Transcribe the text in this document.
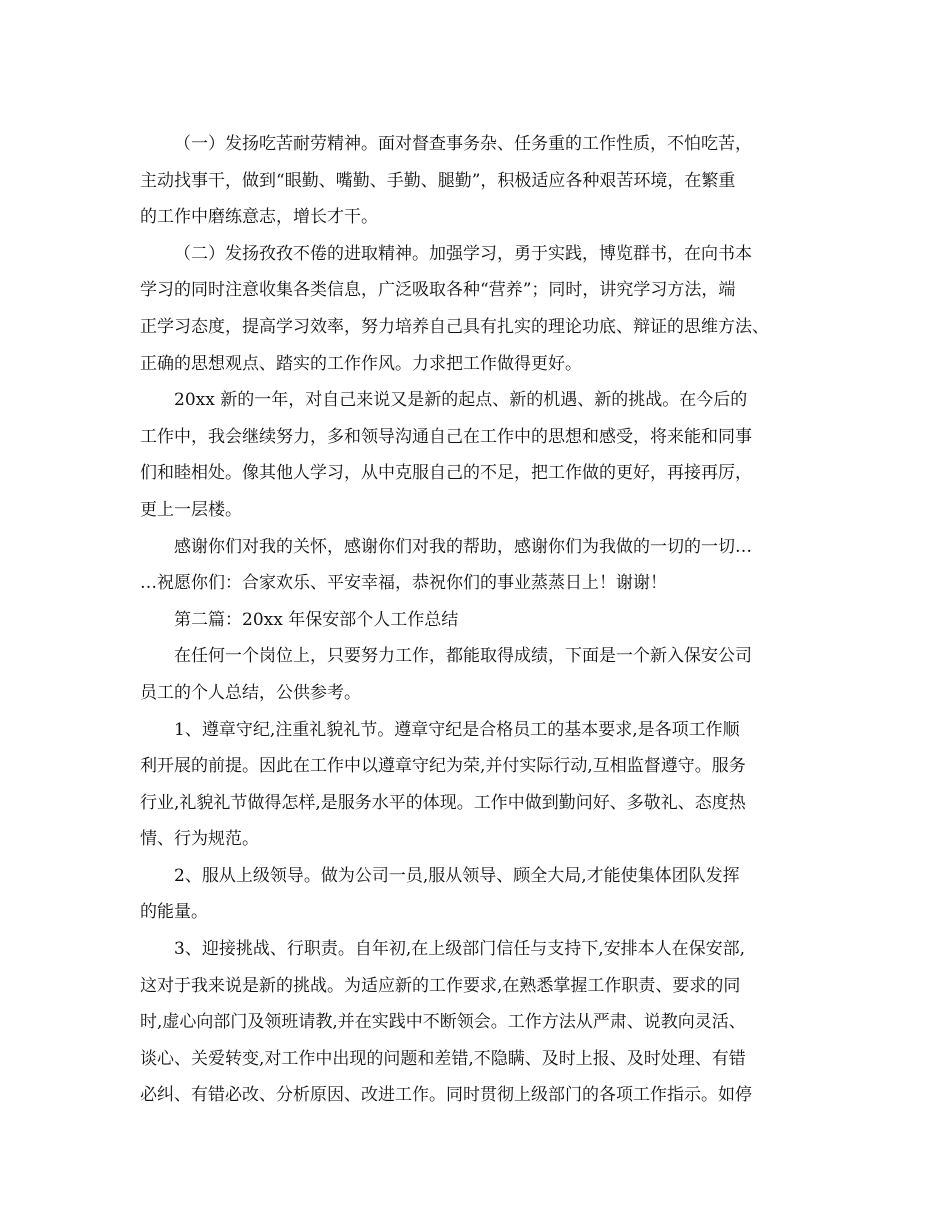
（一）发扬吃苦耐劳精神。面对督查事务杂、任务重的工作性质，不怕吃苦，
主动找事干，做到“眼勤、嘴勤、手勤、腿勤”，积极适应各种艰苦环境，在繁重
的工作中磨练意志，增长才干。
（二）发扬孜孜不倦的进取精神。加强学习，勇于实践，博览群书，在向书本
学习的同时注意收集各类信息，广泛吸取各种“营养”；同时，讲究学习方法，端
正学习态度，提高学习效率，努力培养自己具有扎实的理论功底、辩证的思维方法、
正确的思想观点、踏实的工作作风。力求把工作做得更好。
20xx 新的一年，对自己来说又是新的起点、新的机遇、新的挑战。在今后的
工作中，我会继续努力，多和领导沟通自己在工作中的思想和感受，将来能和同事
们和睦相处。像其他人学习，从中克服自己的不足，把工作做的更好，再接再厉，
更上一层楼。
感谢你们对我的关怀，感谢你们对我的帮助，感谢你们为我做的一切的一切…
…祝愿你们：合家欢乐、平安幸福，恭祝你们的事业蒸蒸日上！谢谢！
第二篇：20xx 年保安部个人工作总结
在任何一个岗位上，只要努力工作，都能取得成绩，下面是一个新入保安公司
员工的个人总结，公供参考。
1、遵章守纪,注重礼貌礼节。遵章守纪是合格员工的基本要求,是各项工作顺
利开展的前提。因此在工作中以遵章守纪为荣,并付实际行动,互相监督遵守。服务
行业,礼貌礼节做得怎样,是服务水平的体现。工作中做到勤问好、多敬礼、态度热
情、行为规范。
2、服从上级领导。做为公司一员,服从领导、顾全大局,才能使集体团队发挥
的能量。
3、迎接挑战、行职责。自年初,在上级部门信任与支持下,安排本人在保安部,
这对于我来说是新的挑战。为适应新的工作要求,在熟悉掌握工作职责、要求的同
时,虚心向部门及领班请教,并在实践中不断领会。工作方法从严肃、说教向灵活、
谈心、关爱转变,对工作中出现的问题和差错,不隐瞒、及时上报、及时处理、有错
必纠、有错必改、分析原因、改进工作。同时贯彻上级部门的各项工作指示。如停
